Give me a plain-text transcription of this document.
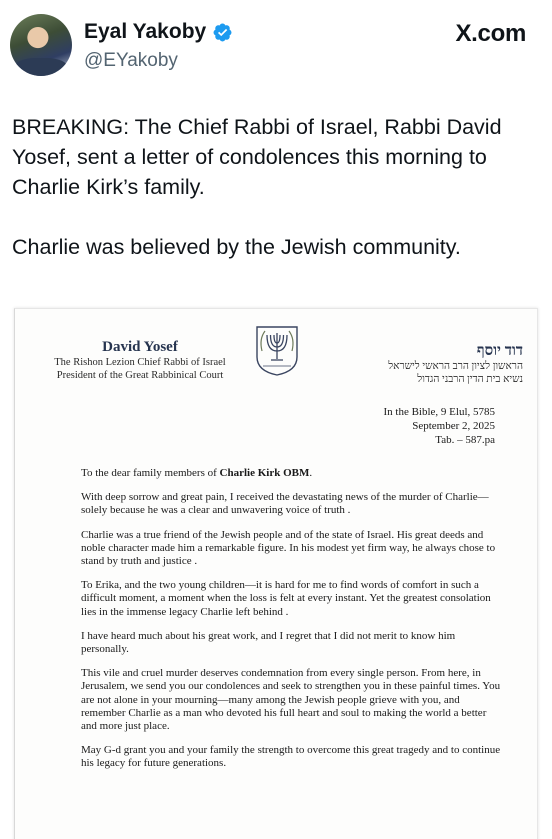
Eyal Yakoby
@EYakoby
X.com

BREAKING: The Chief Rabbi of Israel, Rabbi David Yosef, sent a letter of condolences this morning to Charlie Kirk’s family.

Charlie was believed by the Jewish community.

David Yosef
The Rishon Lezion Chief Rabbi of Israel
President of the Great Rabbinical Court
דוד יוסף
הראשון לציון הרב הראשי לישראל
נשיא בית הדין הרבני הגדול
In the Bible, 9 Elul, 5785
September 2, 2025
Tab. – 587.pa

To the dear family members of Charlie Kirk OBM.

With deep sorrow and great pain, I received the devastating news of the murder of Charlie—solely because he was a clear and unwavering voice of truth .

Charlie was a true friend of the Jewish people and of the state of Israel. His great deeds and noble character made him a remarkable figure. In his modest yet firm way, he always chose to stand by truth and justice .

To Erika, and the two young children—it is hard for me to find words of comfort in such a difficult moment, a moment when the loss is felt at every instant. Yet the greatest consolation lies in the immense legacy Charlie left behind .

I have heard much about his great work, and I regret that I did not merit to know him personally.

This vile and cruel murder deserves condemnation from every single person. From here, in Jerusalem, we send you our condolences and seek to strengthen you in these painful times. You are not alone in your mourning—many among the Jewish people grieve with you, and remember Charlie as a man who devoted his full heart and soul to making the world a better and more just place.

May G-d grant you and your family the strength to overcome this great tragedy and to continue his legacy for future generations.
